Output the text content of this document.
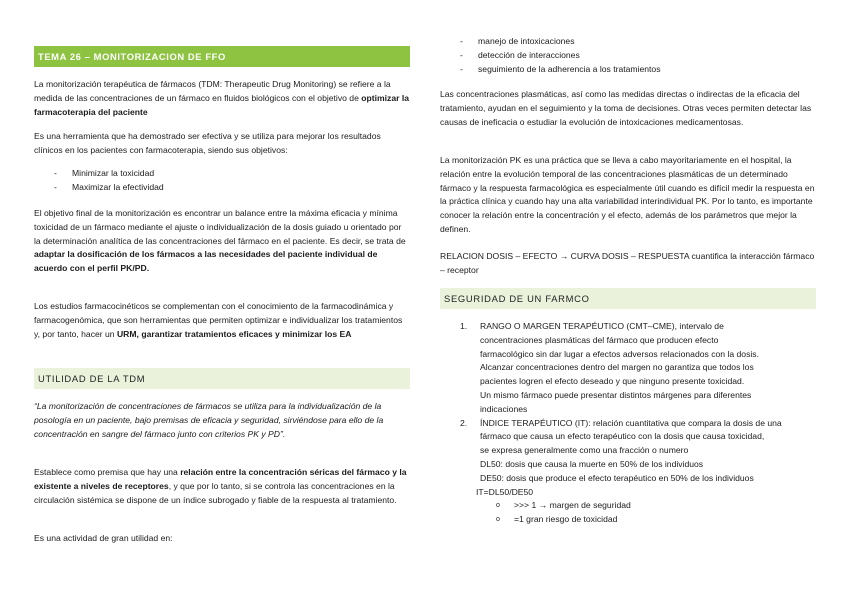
TEMA 26 – MONITORIZACION DE FFO

La monitorización terapéutica de fármacos (TDM: Therapeutic Drug Monitoring) se refiere a la medida de las concentraciones de un fármaco en fluidos biológicos con el objetivo de optimizar la farmacoterapia del paciente

Es una herramienta que ha demostrado ser efectiva y se utiliza para mejorar los resultados clínicos en los pacientes con farmacoterapia, siendo sus objetivos:

- Minimizar la toxicidad
- Maximizar la efectividad

El objetivo final de la monitorización es encontrar un balance entre la máxima eficacia y mínima toxicidad de un fármaco mediante el ajuste o individualización de la dosis guiado u orientado por la determinación analítica de las concentraciones del fármaco en el paciente. Es decir, se trata de adaptar la dosificación de los fármacos a las necesidades del paciente individual de acuerdo con el perfil PK/PD.

Los estudios farmacocinéticos se complementan con el conocimiento de la farmacodinámica y farmacogenómica, que son herramientas que permiten optimizar e individualizar los tratamientos y, por tanto, hacer un URM, garantizar tratamientos eficaces y minimizar los EA

UTILIDAD DE LA TDM

“La monitorización de concentraciones de fármacos se utiliza para la individualización de la posología en un paciente, bajo premisas de eficacia y seguridad, sirviéndose para ello de la concentración en sangre del fármaco junto con criterios PK y PD”.

Establece como premisa que hay una relación entre la concentración séricas del fármaco y la existente a niveles de receptores, y que por lo tanto, si se controla las concentraciones en la circulación sistémica se dispone de un índice subrogado y fiable de la respuesta al tratamiento.

Es una actividad de gran utilidad en:

- manejo de intoxicaciones
- detección de interacciones
- seguimiento de la adherencia a los tratamientos

Las concentraciones plasmáticas, así como las medidas directas o indirectas de la eficacia del tratamiento, ayudan en el seguimiento y la toma de decisiones. Otras veces permiten detectar las causas de ineficacia o estudiar la evolución de intoxicaciones medicamentosas.

La monitorización PK es una práctica que se lleva a cabo mayoritariamente en el hospital, la relación entre la evolución temporal de las concentraciones plasmáticas de un determinado fármaco y la respuesta farmacológica es especialmente útil cuando es difícil medir la respuesta en la práctica clínica y cuando hay una alta variabilidad interindividual PK. Por lo tanto, es importante conocer la relación entre la concentración y el efecto, además de los parámetros que mejor la definen.

RELACION DOSIS – EFECTO → CURVA DOSIS – RESPUESTA cuantifica la interacción fármaco – receptor

SEGURIDAD DE UN FARMCO
1. RANGO O MARGEN TERAPÉUTICO (CMT–CME), intervalo de
concentraciones plasmáticas del fármaco que producen efecto
farmacológico sin dar lugar a efectos adversos relacionados con la dosis.
Alcanzar concentraciones dentro del margen no garantiza que todos los
pacientes logren el efecto deseado y que ninguno presente toxicidad.
Un mismo fármaco puede presentar distintos márgenes para diferentes
indicaciones
2. ÍNDICE TERAPÉUTICO (IT): relación cuantitativa que compara la dosis de una
fármaco que causa un efecto terapéutico con la dosis que causa toxicidad,
se expresa generalmente como una fracción o numero
DL50: dosis que causa la muerte en 50% de los individuos
DE50: dosis que produce el efecto terapéutico en 50% de los individuos
IT=DL50/DE50
o >>> 1 → margen de seguridad
o =1 gran riesgo de toxicidad
